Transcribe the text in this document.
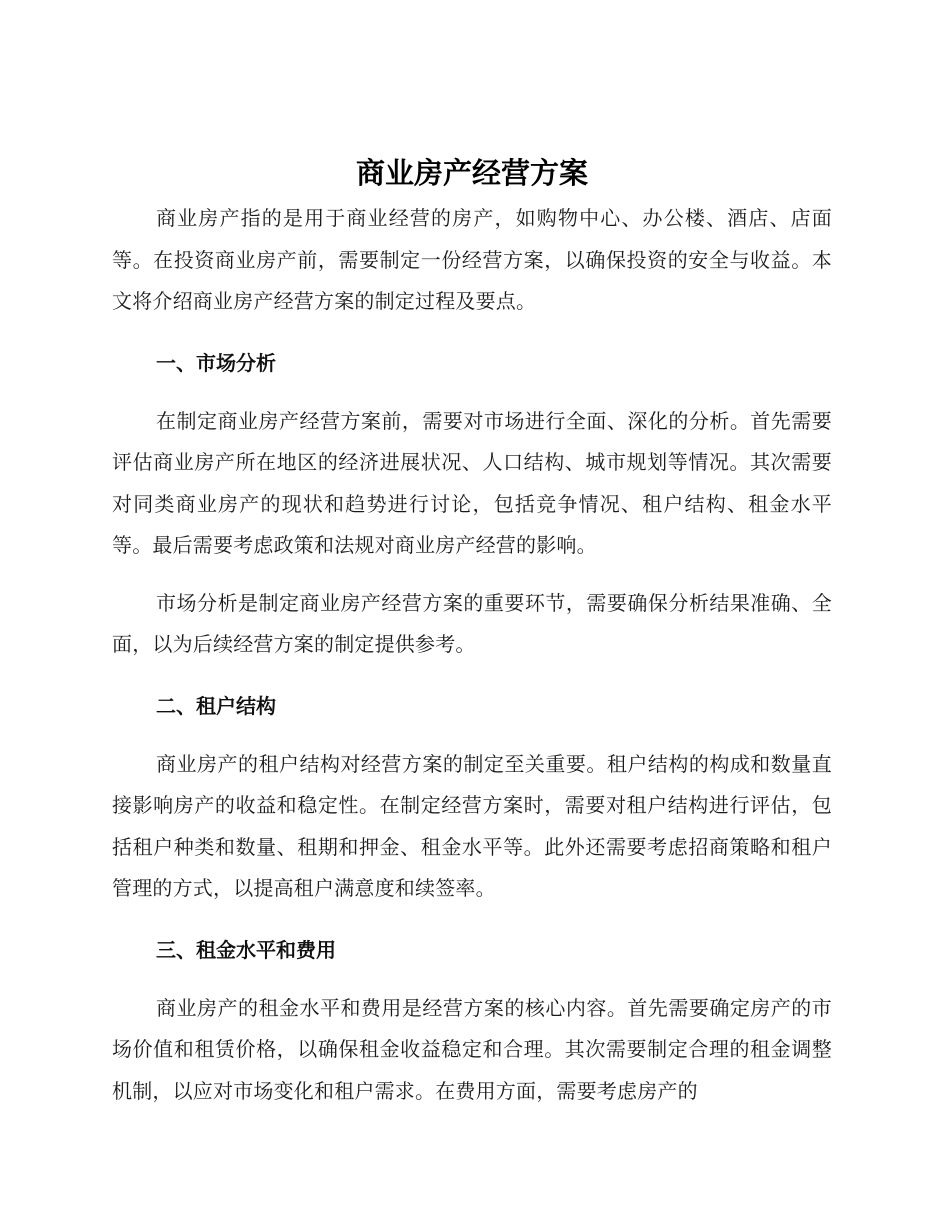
商业房产经营方案

商业房产指的是用于商业经营的房产，如购物中心、办公楼、酒店、店面等。在投资商业房产前，需要制定一份经营方案，以确保投资的安全与收益。本文将介绍商业房产经营方案的制定过程及要点。

一、市场分析

在制定商业房产经营方案前，需要对市场进行全面、深化的分析。首先需要评估商业房产所在地区的经济进展状况、人口结构、城市规划等情况。其次需要对同类商业房产的现状和趋势进行讨论，包括竞争情况、租户结构、租金水平等。最后需要考虑政策和法规对商业房产经营的影响。

市场分析是制定商业房产经营方案的重要环节，需要确保分析结果准确、全面，以为后续经营方案的制定提供参考。

二、租户结构

商业房产的租户结构对经营方案的制定至关重要。租户结构的构成和数量直接影响房产的收益和稳定性。在制定经营方案时，需要对租户结构进行评估，包括租户种类和数量、租期和押金、租金水平等。此外还需要考虑招商策略和租户管理的方式，以提高租户满意度和续签率。

三、租金水平和费用

商业房产的租金水平和费用是经营方案的核心内容。首先需要确定房产的市场价值和租赁价格，以确保租金收益稳定和合理。其次需要制定合理的租金调整机制，以应对市场变化和租户需求。在费用方面，需要考虑房产的
